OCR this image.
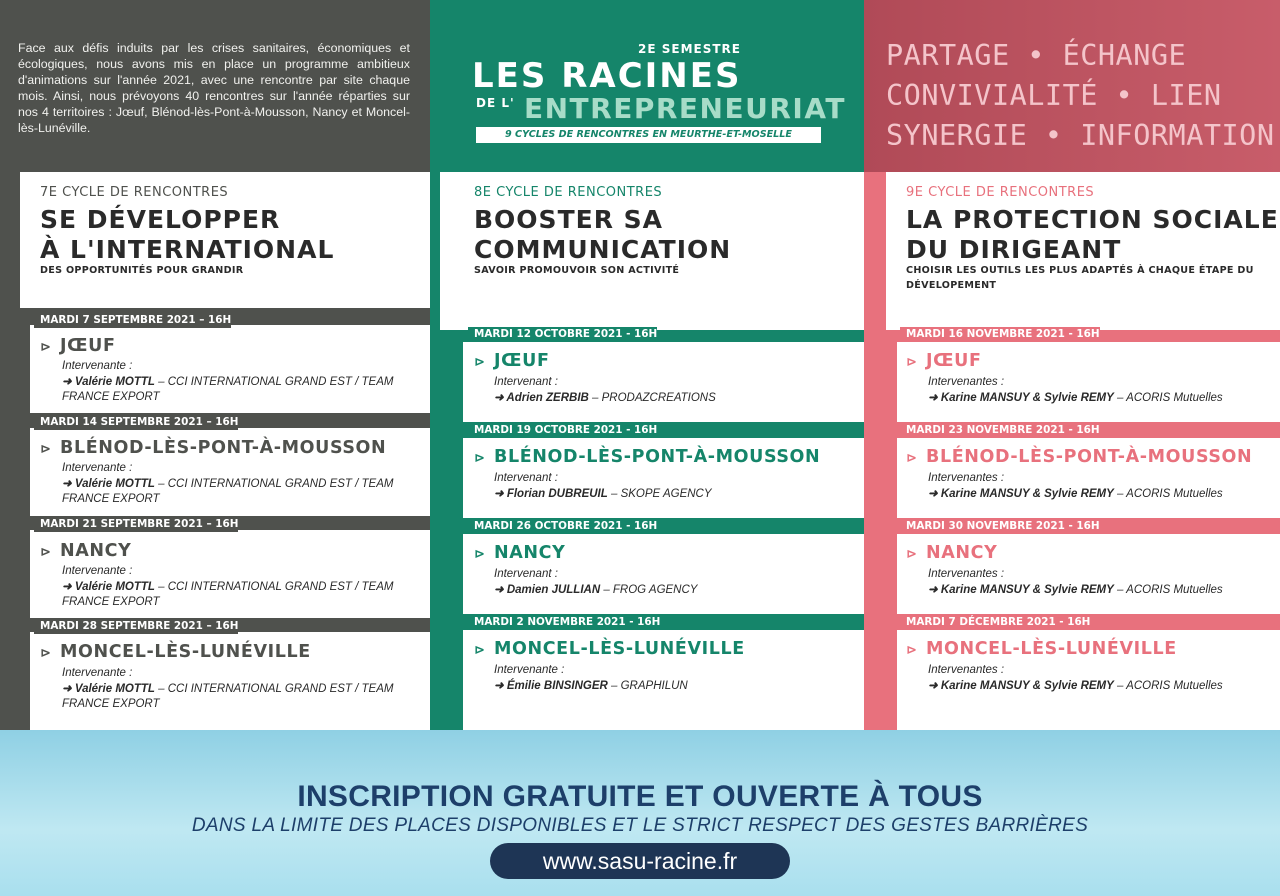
Face aux défis induits par les crises sanitaires, économiques et écologiques, nous avons mis en place un programme ambitieux d'animations sur l'année 2021, avec une rencontre par site chaque mois. Ainsi, nous prévoyons 40 rencontres sur l'année réparties sur nos 4 territoires : Jœuf, Blénod-lès-Pont-à-Mousson, Nancy et Moncel-lès-Lunéville.

2E SEMESTRE
LES RACINES
DE L' ENTREPRENEURIAT
9 CYCLES DE RENCONTRES EN MEURTHE-ET-MOSELLE
PARTAGE • ÉCHANGE
CONVIVIALITÉ • LIEN
SYNERGIE • INFORMATION
7E CYCLE DE RENCONTRES
SE DÉVELOPPER
À L'INTERNATIONAL
DES OPPORTUNITÉS POUR GRANDIR
MARDI 7 SEPTEMBRE 2021 – 16H
⊳ JŒUF
Intervenante :

➜ Valérie MOTTL – CCI INTERNATIONAL GRAND EST / TEAM FRANCE EXPORT

MARDI 14 SEPTEMBRE 2021 – 16H
⊳ BLÉNOD-LÈS-PONT-À-MOUSSON
Intervenante :

➜ Valérie MOTTL – CCI INTERNATIONAL GRAND EST / TEAM FRANCE EXPORT

MARDI 21 SEPTEMBRE 2021 – 16H
⊳ NANCY
Intervenante :

➜ Valérie MOTTL – CCI INTERNATIONAL GRAND EST / TEAM FRANCE EXPORT

MARDI 28 SEPTEMBRE 2021 – 16H
⊳ MONCEL-LÈS-LUNÉVILLE
Intervenante :

➜ Valérie MOTTL – CCI INTERNATIONAL GRAND EST / TEAM FRANCE EXPORT

8E CYCLE DE RENCONTRES
BOOSTER SA
COMMUNICATION
SAVOIR PROMOUVOIR SON ACTIVITÉ
MARDI 12 OCTOBRE 2021 - 16H
⊳ JŒUF
Intervenant :

➜ Adrien ZERBIB – PRODAZCREATIONS

MARDI 19 OCTOBRE 2021 - 16H
⊳ BLÉNOD-LÈS-PONT-À-MOUSSON
Intervenant :

➜ Florian DUBREUIL – SKOPE AGENCY

MARDI 26 OCTOBRE 2021 - 16H
⊳ NANCY
Intervenant :

➜ Damien JULLIAN – FROG AGENCY

MARDI 2 NOVEMBRE 2021 - 16H
⊳ MONCEL-LÈS-LUNÉVILLE
Intervenante :

➜ Émilie BINSINGER – GRAPHILUN

9E CYCLE DE RENCONTRES
LA PROTECTION SOCIALE
DU DIRIGEANT
CHOISIR LES OUTILS LES PLUS ADAPTÉS À CHAQUE ÉTAPE DU DÉVELOPEMENT
MARDI 16 NOVEMBRE 2021 - 16H
⊳ JŒUF
Intervenantes :

➜ Karine MANSUY & Sylvie REMY – ACORIS Mutuelles

MARDI 23 NOVEMBRE 2021 - 16H
⊳ BLÉNOD-LÈS-PONT-À-MOUSSON
Intervenantes :

➜ Karine MANSUY & Sylvie REMY – ACORIS Mutuelles

MARDI 30 NOVEMBRE 2021 - 16H
⊳ NANCY
Intervenantes :

➜ Karine MANSUY & Sylvie REMY – ACORIS Mutuelles

MARDI 7 DÉCEMBRE 2021 - 16H
⊳ MONCEL-LÈS-LUNÉVILLE
Intervenantes :

➜ Karine MANSUY & Sylvie REMY – ACORIS Mutuelles

INSCRIPTION GRATUITE ET OUVERTE À TOUS
DANS LA LIMITE DES PLACES DISPONIBLES ET LE STRICT RESPECT DES GESTES BARRIÈRES
www.sasu-racine.fr
